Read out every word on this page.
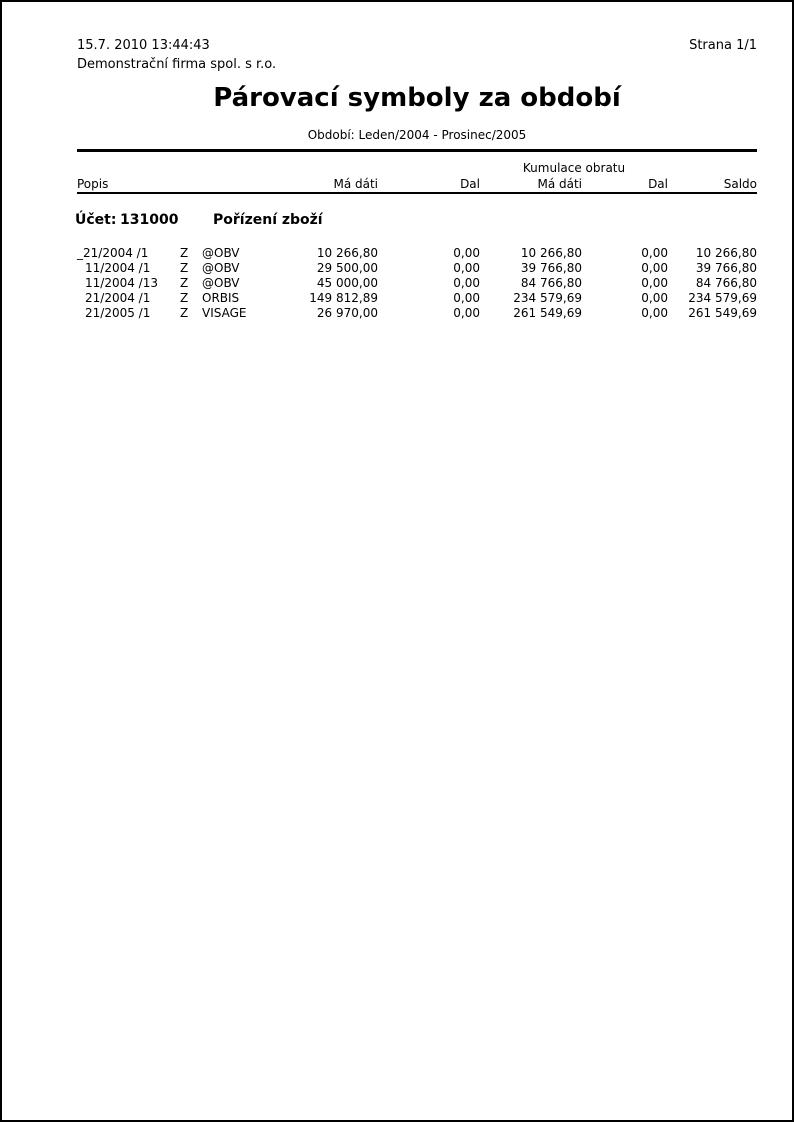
15.7. 2010 13:44:43	Strana 1/1
Demonstrační firma spol. s r.o.
Párovací symboly za období
Období: Leden/2004 - Prosinec/2005
Kumulace obratu
Popis	Má dáti	Dal	Má dáti	Dal	Saldo
Účet: 131000 Pořízení zboží
_21/2004 /1	Z	@OBV	10 266,80	0,00	10 266,80	0,00	10 266,80
11/2004 /1	Z	@OBV	29 500,00	0,00	39 766,80	0,00	39 766,80
11/2004 /13	Z	@OBV	45 000,00	0,00	84 766,80	0,00	84 766,80
21/2004 /1	Z	ORBIS	149 812,89	0,00	234 579,69	0,00	234 579,69
21/2005 /1	Z	VISAGE	26 970,00	0,00	261 549,69	0,00	261 549,69
